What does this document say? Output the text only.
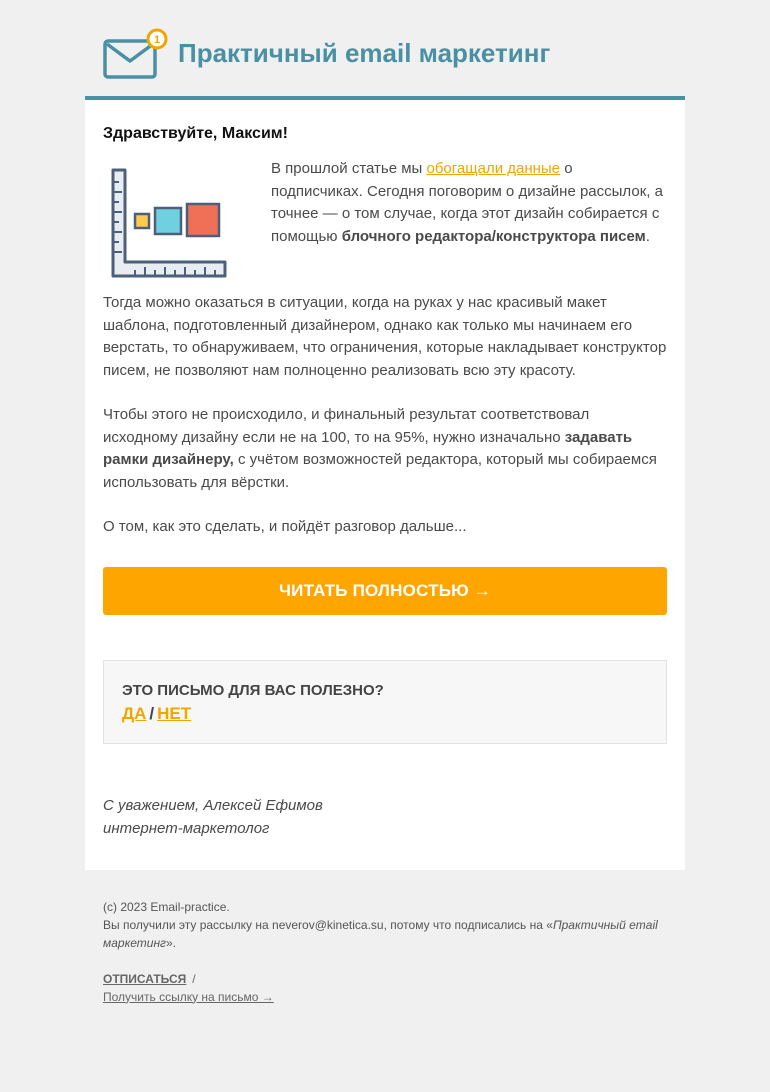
1 Практичный email маркетинг
Здравствуйте, Максим!
В прошлой статье мы обогащали данные о подписчиках. Сегодня поговорим о дизайне рассылок, а точнее — о том случае, когда этот дизайн собирается с помощью блочного редактора/конструктора писем.

Тогда можно оказаться в ситуации, когда на руках у нас красивый макет шаблона, подготовленный дизайнером, однако как только мы начинаем его верстать, то обнаруживаем, что ограничения, которые накладывает конструктор писем, не позволяют нам полноценно реализовать всю эту красоту.

Чтобы этого не происходило, и финальный результат соответствовал исходному дизайну если не на 100, то на 95%, нужно изначально задавать рамки дизайнеру, с учётом возможностей редактора, который мы собираемся использовать для вёрстки.

О том, как это сделать, и пойдёт разговор дальше...

ЧИТАТЬ ПОЛНОСТЬЮ →
ЭТО ПИСЬМО ДЛЯ ВАС ПОЛЕЗНО?
ДА / НЕТ
С уважением, Алексей Ефимов
интернет-маркетолог
(c) 2023 Email-practice.
Вы получили эту рассылку на neverov@kinetica.su, потому что подписались на «Практичный email маркетинг».
ОТПИСАТЬСЯ /
Получить ссылку на письмо →
